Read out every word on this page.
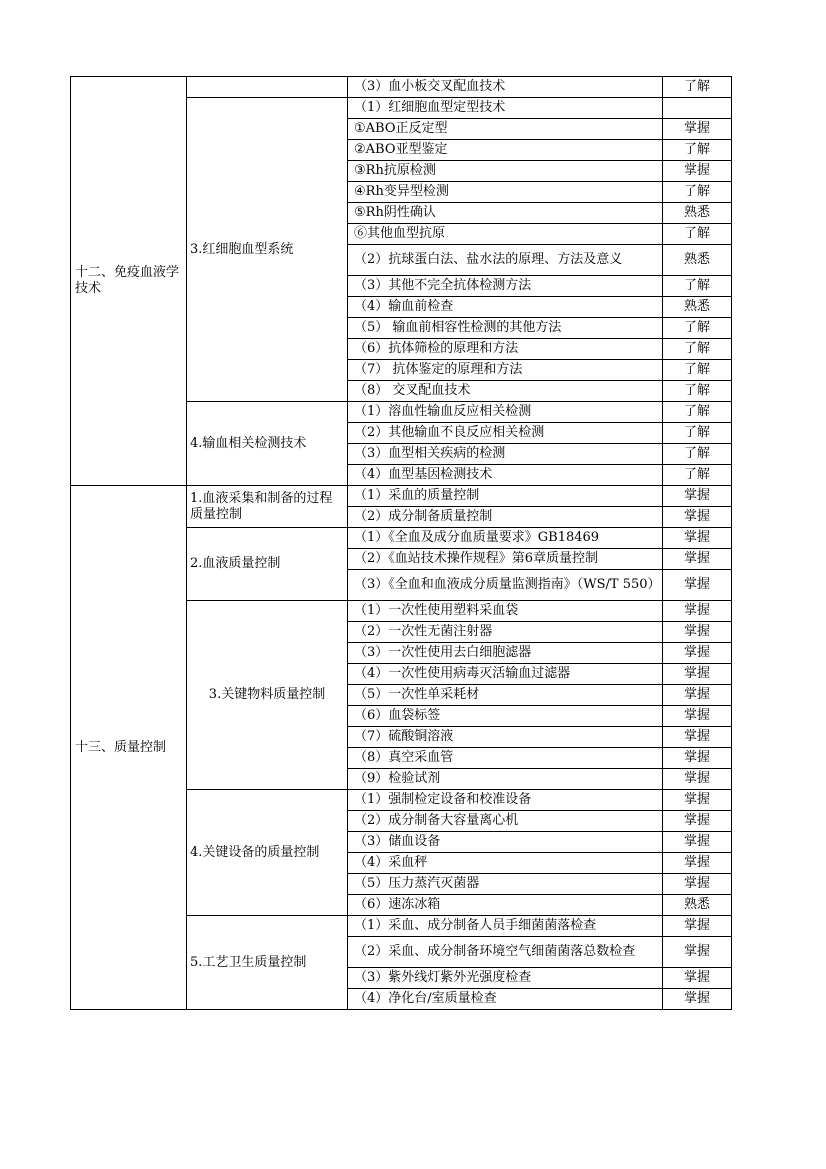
十二、免疫血液学技术		（3）血小板交叉配血技术	了解
	3.红细胞血型系统	（1）红细胞血型定型技术	
		①ABO正反定型	掌握
		②ABO亚型鉴定	了解
		③Rh抗原检测	掌握
		④Rh变异型检测	了解
		⑤Rh阴性确认	熟悉
		⑥其他血型抗原	了解
		（2）抗球蛋白法、盐水法的原理、方法及意义	熟悉
		（3）其他不完全抗体检测方法	了解
		（4）输血前检查	熟悉
		（5） 输血前相容性检测的其他方法	了解
		（6）抗体筛检的原理和方法	了解
		（7） 抗体鉴定的原理和方法	了解
		（8） 交叉配血技术	了解
	4.输血相关检测技术	（1）溶血性输血反应相关检测	了解
		（2）其他输血不良反应相关检测	了解
		（3）血型相关疾病的检测	了解
		（4）血型基因检测技术	了解
十三、质量控制	1.血液采集和制备的过程质量控制	（1）采血的质量控制	掌握
		（2）成分制备质量控制	掌握
	2.血液质量控制	（1）《全血及成分血质量要求》GB18469	掌握
		（2）《血站技术操作规程》第6章质量控制	掌握
		（3）《全血和血液成分质量监测指南》（WS/T 550）	掌握
	3.关键物料质量控制	（1）一次性使用塑料采血袋	掌握
		（2）一次性无菌注射器	掌握
		（3）一次性使用去白细胞滤器	掌握
		（4）一次性使用病毒灭活输血过滤器	掌握
		（5）一次性单采耗材	掌握
		（6）血袋标签	掌握
		（7）硫酸铜溶液	掌握
		（8）真空采血管	掌握
		（9）检验试剂	掌握
	4.关键设备的质量控制	（1）强制检定设备和校准设备	掌握
		（2）成分制备大容量离心机	掌握
		（3）储血设备	掌握
		（4）采血秤	掌握
		（5）压力蒸汽灭菌器	掌握
		（6）速冻冰箱	熟悉
	5.工艺卫生质量控制	（1）采血、成分制备人员手细菌菌落检查	掌握
		（2）采血、成分制备环境空气细菌菌落总数检查	掌握
		（3）紫外线灯紫外光强度检查	掌握
		（4）净化台/室质量检查	掌握
